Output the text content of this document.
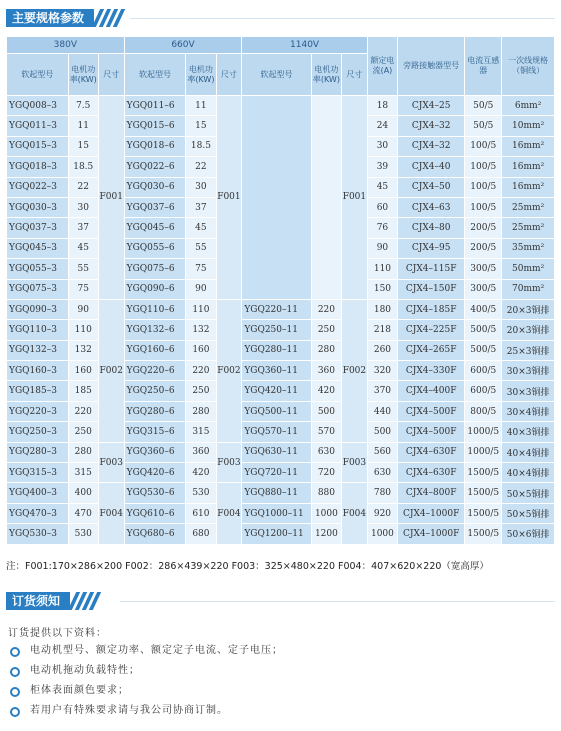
主要规格参数
380V			660V			1140V			额定电流(A)	旁路接触器型号	电流互感器	一次线规格（铜线）
软起型号	电机功率(KW)	尺寸	软起型号	电机功率(KW)	尺寸	软起型号	电机功率(KW)	尺寸				
YGQ008–3	7.5	F001	YGQ011–6	11	F001			F001	18	CJX4–25	50/5	6mm²
YGQ011–3	11		YGQ015–6	15					24	CJX4–32	50/5	10mm²
YGQ015–3	15		YGQ018–6	18.5					30	CJX4–32	100/5	16mm²
YGQ018–3	18.5		YGQ022–6	22					39	CJX4–40	100/5	16mm²
YGQ022–3	22		YGQ030–6	30					45	CJX4–50	100/5	16mm²
YGQ030–3	30		YGQ037–6	37					60	CJX4–63	100/5	25mm²
YGQ037–3	37		YGQ045–6	45					76	CJX4–80	200/5	25mm²
YGQ045–3	45		YGQ055–6	55					90	CJX4–95	200/5	35mm²
YGQ055–3	55		YGQ075–6	75					110	CJX4–115F	300/5	50mm²
YGQ075–3	75		YGQ090–6	90					150	CJX4–150F	300/5	70mm²
YGQ090–3	90	F002	YGQ110–6	110	F002	YGQ220–11	220	F002	180	CJX4–185F	400/5	20×3铜排
YGQ110–3	110		YGQ132–6	132		YGQ250–11	250		218	CJX4–225F	500/5	20×3铜排
YGQ132–3	132		YGQ160–6	160		YGQ280–11	280		260	CJX4–265F	500/5	25×3铜排
YGQ160–3	160		YGQ220–6	220		YGQ360–11	360		320	CJX4–330F	600/5	30×3铜排
YGQ185–3	185		YGQ250–6	250		YGQ420–11	420		370	CJX4–400F	600/5	30×3铜排
YGQ220–3	220		YGQ280–6	280		YGQ500–11	500		440	CJX4–500F	800/5	30×4铜排
YGQ250–3	250		YGQ315–6	315		YGQ570–11	570		500	CJX4–500F	1000/5	40×3铜排
YGQ280–3	280	F003	YGQ360–6	360	F003	YGQ630–11	630	F003	560	CJX4–630F	1000/5	40×4铜排
YGQ315–3	315		YGQ420–6	420		YGQ720–11	720		630	CJX4–630F	1500/5	40×4铜排
YGQ400–3	400	F004	YGQ530–6	530	F004	YGQ880–11	880	F004	780	CJX4–800F	1500/5	50×5铜排
YGQ470–3	470		YGQ610–6	610		YGQ1000–11	1000		920	CJX4–1000F	1500/5	50×5铜排
YGQ530–3	530		YGQ680–6	680		YGQ1200–11	1200		1000	CJX4–1000F	1500/5	50×6铜排
注：F001:170×286×200 F002：286×439×220 F003：325×480×220 F004：407×620×220（宽高厚）
订货须知
订货提供以下资料：
电动机型号、额定功率、额定定子电流、定子电压；
电动机拖动负载特性；
柜体表面颜色要求；
若用户有特殊要求请与我公司协商订制。
